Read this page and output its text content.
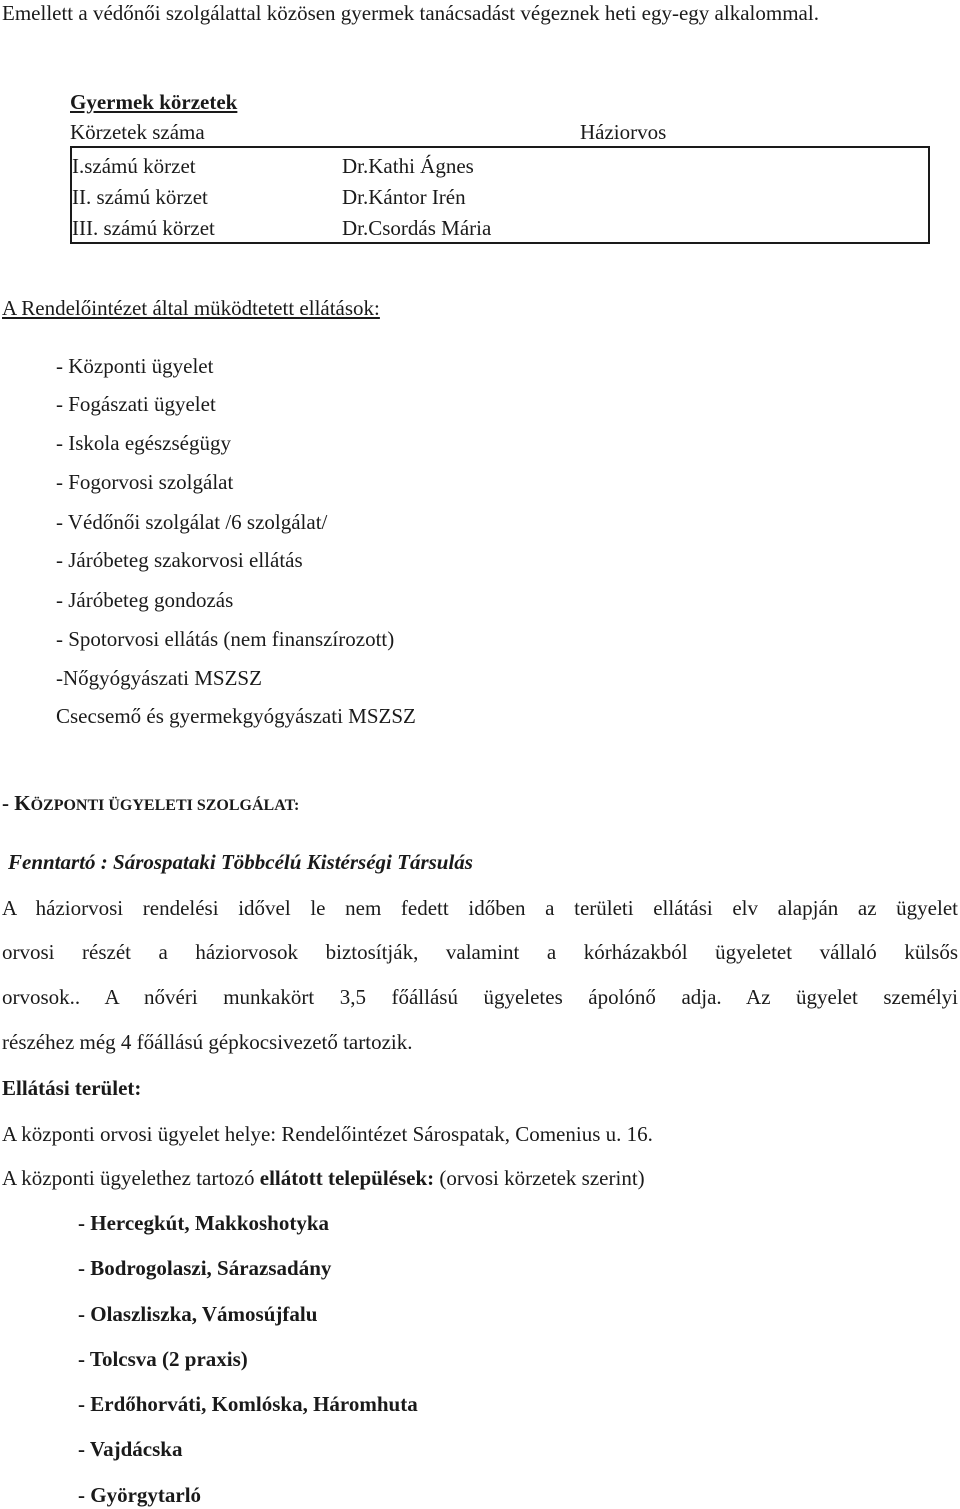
Emellett a védőnői szolgálattal közösen gyermek tanácsadást végeznek heti egy-egy alkalommal.
Gyermek körzetek
Körzetek száma	Háziorvos
I.számú körzet	Dr.Kathi Ágnes
II. számú körzet	Dr.Kántor Irén
III. számú körzet	Dr.Csordás Mária
A Rendelőintézet által müködtetett ellátások:
- Központi ügyelet
- Fogászati ügyelet
- Iskola egészségügy
- Fogorvosi szolgálat
- Védőnői szolgálat /6 szolgálat/
- Járóbeteg szakorvosi ellátás
- Járóbeteg gondozás
- Spotorvosi ellátás (nem finanszírozott)
-Nőgyógyászati MSZSZ
Csecsemő és gyermekgyógyászati MSZSZ
- KÖZPONTI ÜGYELETI SZOLGÁLAT:
Fenntartó : Sárospataki Többcélú Kistérségi Társulás
A háziorvosi rendelési idővel le nem fedett időben a területi ellátási elv alapján az ügyelet
orvosi részét a háziorvosok biztosítják, valamint a kórházakból ügyeletet vállaló külsős
orvosok.. A nővéri munkakört 3,5 főállású ügyeletes ápolónő adja. Az ügyelet személyi
részéhez még 4 főállású gépkocsivezető tartozik.
Ellátási terület:
A központi orvosi ügyelet helye: Rendelőintézet Sárospatak, Comenius u. 16.
A központi ügyelethez tartozó ellátott települések: (orvosi körzetek szerint)
- Hercegkút, Makkoshotyka
- Bodrogolaszi, Sárazsadány
- Olaszliszka, Vámosújfalu
- Tolcsva (2 praxis)
- Erdőhorváti, Komlóska, Háromhuta
- Vajdácska
- Györgytarló
